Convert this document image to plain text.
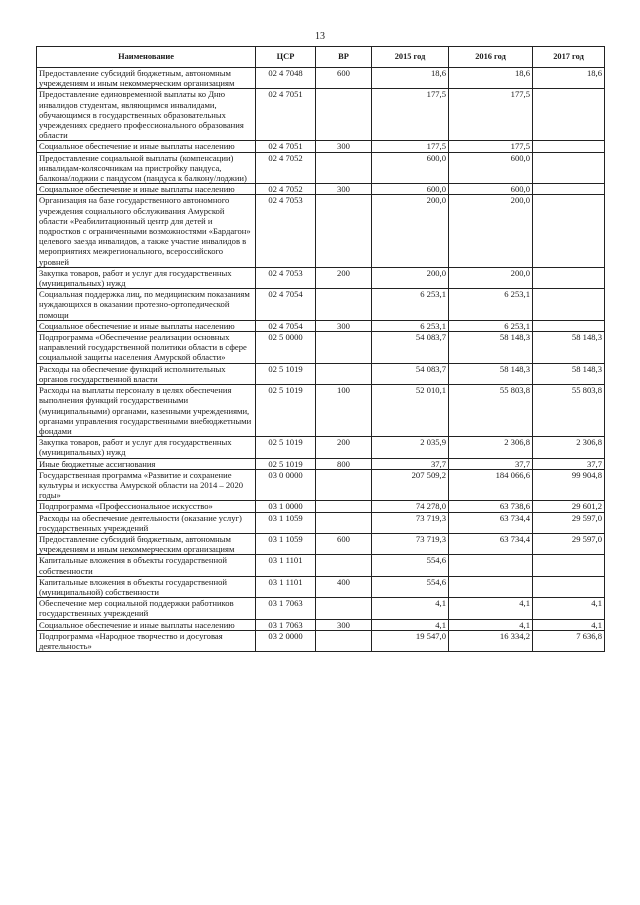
13
Наименование	ЦСР	ВР	2015 год	2016 год	2017 год
Предоставление субсидий бюджетным, автономным учреждениям и иным некоммерческим организациям	02 4 7048	600	18,6	18,6	18,6
Предоставление единовременной выплаты ко Дню инвалидов студентам, являющимся инвалидами, обучающимся в государственных образовательных учреждениях среднего профессионального образования области	02 4 7051		177,5	177,5	
Социальное обеспечение и иные выплаты населению	02 4 7051	300	177,5	177,5	
Предоставление социальной выплаты (компенсации) инвалидам-колясочникам на пристройку пандуса, балкона/лоджии с пандусом (пандуса к балкону/лоджии)	02 4 7052		600,0	600,0	
Социальное обеспечение и иные выплаты населению	02 4 7052	300	600,0	600,0	
Организация на базе государственного автономного учреждения социального обслуживания Амурской области «Реабилитационный центр для детей и подростков с ограниченными возможностями «Бардагон» целевого заезда инвалидов, а также участие инвалидов в мероприятиях межрегионального, всероссийского уровней	02 4 7053		200,0	200,0	
Закупка товаров, работ и услуг для государственных (муниципальных) нужд	02 4 7053	200	200,0	200,0	
Социальная поддержка лиц, по медицинским показаниям нуждающихся в оказании протезно-ортопедической помощи	02 4 7054		6 253,1	6 253,1	
Социальное обеспечение и иные выплаты населению	02 4 7054	300	6 253,1	6 253,1	
Подпрограмма «Обеспечение реализации основных направлений государственной политики области в сфере социальной защиты населения Амурской области»	02 5 0000		54 083,7	58 148,3	58 148,3
Расходы на обеспечение функций исполнительных органов государственной власти	02 5 1019		54 083,7	58 148,3	58 148,3
Расходы на выплаты персоналу в целях обеспечения выполнения функций государственными (муниципальными) органами, казенными учреждениями, органами управления государственными внебюджетными фондами	02 5 1019	100	52 010,1	55 803,8	55 803,8
Закупка товаров, работ и услуг для государственных (муниципальных) нужд	02 5 1019	200	2 035,9	2 306,8	2 306,8
Иные бюджетные ассигнования	02 5 1019	800	37,7	37,7	37,7
Государственная программа «Развитие и сохранение культуры и искусства Амурской области на 2014 – 2020 годы»	03 0 0000		207 509,2	184 066,6	99 904,8
Подпрограмма «Профессиональное искусство»	03 1 0000		74 278,0	63 738,6	29 601,2
Расходы на обеспечение деятельности (оказание услуг) государственных учреждений	03 1 1059		73 719,3	63 734,4	29 597,0
Предоставление субсидий бюджетным, автономным учреждениям и иным некоммерческим организациям	03 1 1059	600	73 719,3	63 734,4	29 597,0
Капитальные вложения в объекты государственной собственности	03 1 1101		554,6		
Капитальные вложения в объекты государственной (муниципальной) собственности	03 1 1101	400	554,6		
Обеспечение мер социальной поддержки работников государственных учреждений	03 1 7063		4,1	4,1	4,1
Социальное обеспечение и иные выплаты населению	03 1 7063	300	4,1	4,1	4,1
Подпрограмма «Народное творчество и досуговая деятельность»	03 2 0000		19 547,0	16 334,2	7 636,8
